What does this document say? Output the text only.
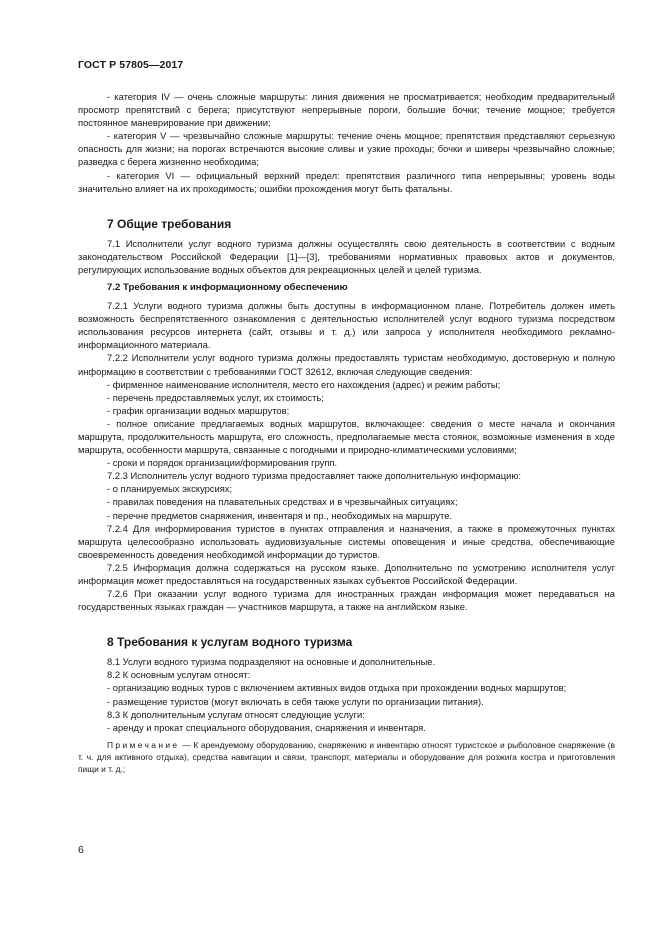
ГОСТ Р 57805—2017

- категория IV — очень сложные маршруты: линия движения не просматривается; необходим предварительный просмотр препятствий с берега; присутствуют непрерывные пороги, большие бочки; течение мощное; требуется постоянное маневрирование при движении;

- категория V — чрезвычайно сложные маршруты: течение очень мощное; препятствия представляют серьезную опасность для жизни; на порогах встречаются высокие сливы и узкие проходы; бочки и шиверы чрезвычайно сложные; разведка с берега жизненно необходима;

- категория VI — официальный верхний предел: препятствия различного типа непрерывны; уровень воды значительно влияет на их проходимость; ошибки прохождения могут быть фатальны.

7 Общие требования

7.1 Исполнители услуг водного туризма должны осуществлять свою деятельность в соответствии с водным законодательством Российской Федерации [1]—[3], требованиями нормативных правовых актов и документов, регулирующих использование водных объектов для рекреационных целей и целей туризма.

7.2 Требования к информационному обеспечению

7.2.1 Услуги водного туризма должны быть доступны в информационном плане. Потребитель должен иметь возможность беспрепятственного ознакомления с деятельностью исполнителей услуг водного туризма посредством использования ресурсов интернета (сайт, отзывы и т. д.) или запроса у исполнителя необходимого рекламно-информационного материала.

7.2.2 Исполнители услуг водного туризма должны предоставлять туристам необходимую, достоверную и полную информацию в соответствии с требованиями ГОСТ 32612, включая следующие сведения:

- фирменное наименование исполнителя, место его нахождения (адрес) и режим работы;

- перечень предоставляемых услуг, их стоимость;

- график организации водных маршрутов;

- полное описание предлагаемых водных маршрутов, включающее: сведения о месте начала и окончания маршрута, продолжительность маршрута, его сложность, предполагаемые места стоянок, возможные изменения в ходе маршрута, особенности маршрута, связанные с погодными и природно-климатическими условиями;

- сроки и порядок организации/формирования групп.

7.2.3 Исполнитель услуг водного туризма предоставляет также дополнительную информацию:

- о планируемых экскурсиях;

- правилах поведения на плавательных средствах и в чрезвычайных ситуациях;

- перечне предметов снаряжения, инвентаря и пр., необходимых на маршруте.

7.2.4 Для информирования туристов в пунктах отправления и назначения, а также в промежуточных пунктах маршрута целесообразно использовать аудиовизуальные системы оповещения и иные средства, обеспечивающие своевременность доведения необходимой информации до туристов.

7.2.5 Информация должна содержаться на русском языке. Дополнительно по усмотрению исполнителя услуг информация может предоставляться на государственных языках субъектов Российской Федерации.

7.2.6 При оказании услуг водного туризма для иностранных граждан информация может передаваться на государственных языках граждан — участников маршрута, а также на английском языке.

8 Требования к услугам водного туризма

8.1 Услуги водного туризма подразделяют на основные и дополнительные.

8.2 К основным услугам относят:

- организацию водных туров с включением активных видов отдыха при прохождении водных маршрутов;

- размещение туристов (могут включать в себя также услуги по организации питания).

8.3 К дополнительным услугам относят следующие услуги:

- аренду и прокат специального оборудования, снаряжения и инвентаря.

Примечание — К арендуемому оборудованию, снаряжению и инвентарю относят туристское и рыболовное снаряжение (в т. ч. для активного отдыха), средства навигации и связи, транспорт, материалы и оборудование для розжига костра и приготовления пищи и т. д.;

6
